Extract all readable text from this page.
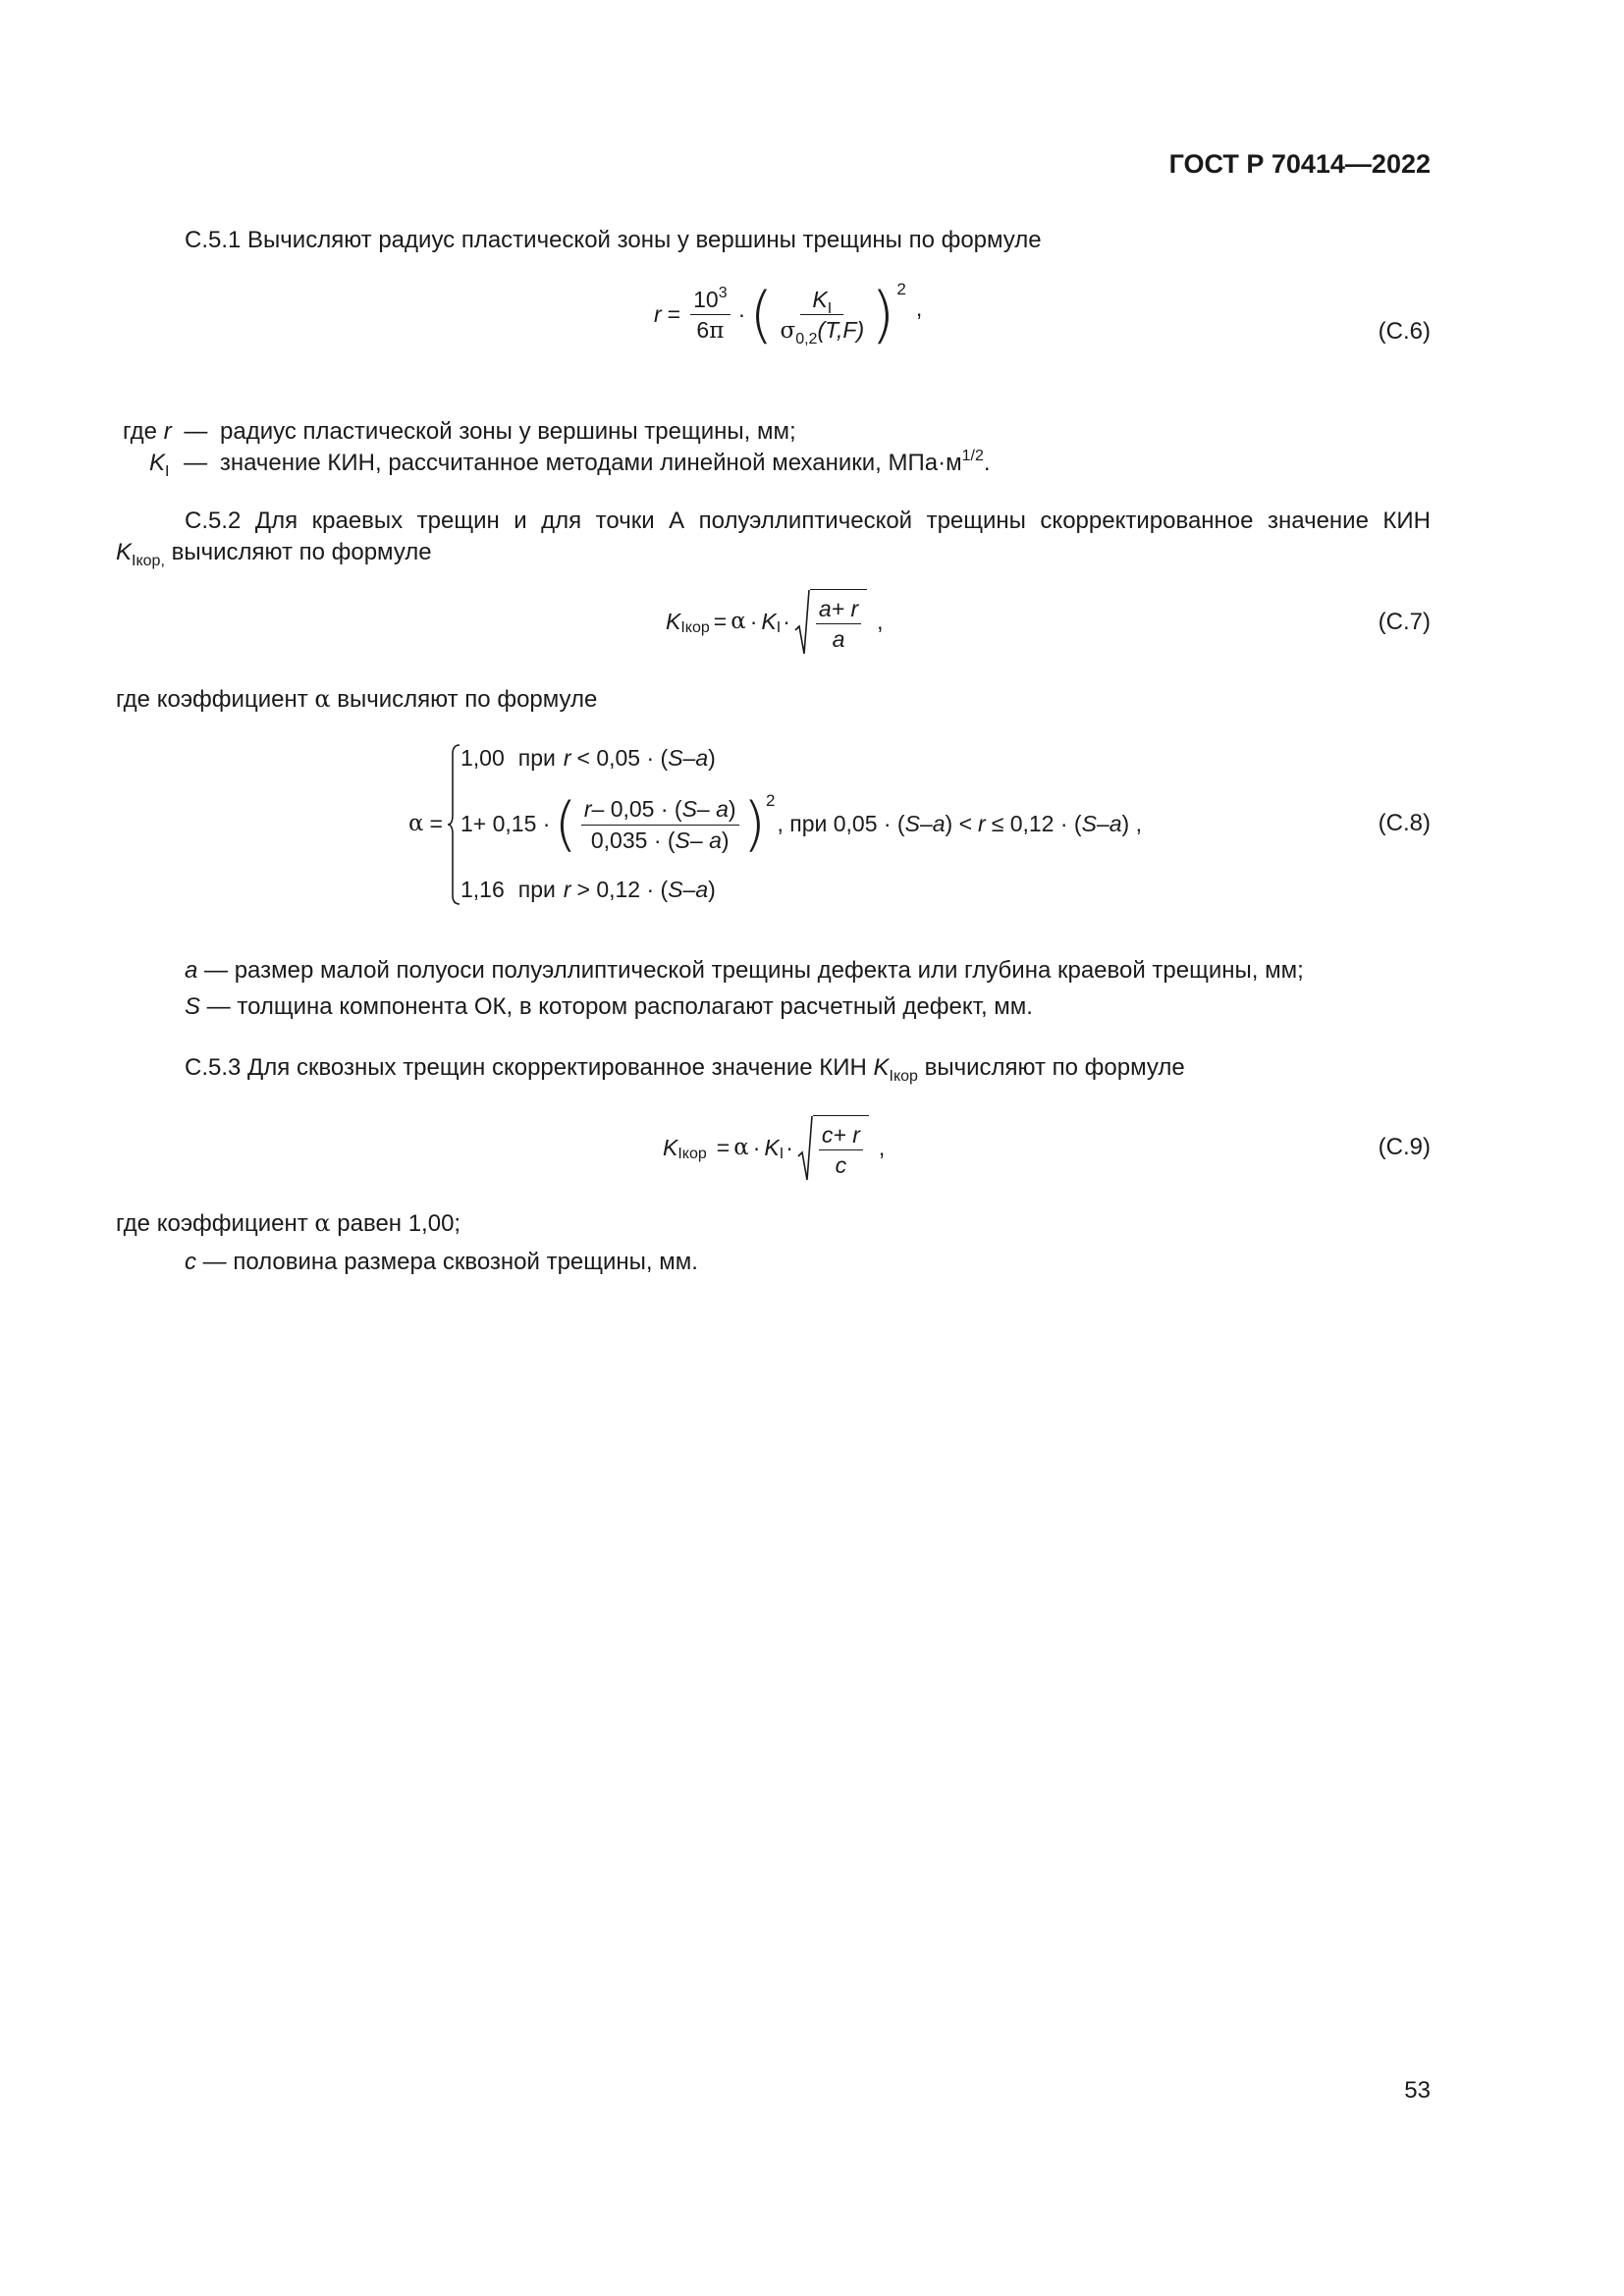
ГОСТ Р 70414—2022
С.5.1 Вычисляют радиус пластической зоны у вершины трещины по формуле
$r = \frac{10^3}{6\pi}$ · ( $\frac{K_I}{\sigma_{0,2}(T,F)}$ ) 2
,
(С.6)
где r — радиус пластической зоны у вершины трещины, мм;
$K_I$ — значение КИН, рассчитанное методами линейной механики, $МПа\cdot м^{1/2}$.
С.5.2 Для краевых трещин и для точки А полуэллиптической трещины скорректированное значение КИН
$K_{Iкор,}$ вычисляют по формуле
K Iкор = α · K $I \cdot \frac{a+ r}{a}$ ,	(С.7)
где коэффициент α вычисляют по формуле
α =
1,00 при r < 0,05 · ( S – a )
1+ 0,15 · ( $\frac{r- 0,05 \cdot (S- a)}{0,035 \cdot (S- a)}$ ) 2
, при 0,05 · ( S – a ) < r ≤ 0,12 · ( S – a ) ,
1,16 при r > 0,12 · ( S – a )
(С.8)
a — размер малой полуоси полуэллиптической трещины дефекта или глубина краевой трещины, мм;
S — толщина компонента ОК, в котором располагают расчетный дефект, мм.
С.5.3 Для сквозных трещин скорректированное значение КИН $K_{Iкор}$ вычисляют по формуле
K Iкор = α · K $I \cdot \frac{c+ r}{c}$ ,	(С.9)
где коэффициент α равен 1,00;
c — половина размера сквозной трещины, мм.
53
